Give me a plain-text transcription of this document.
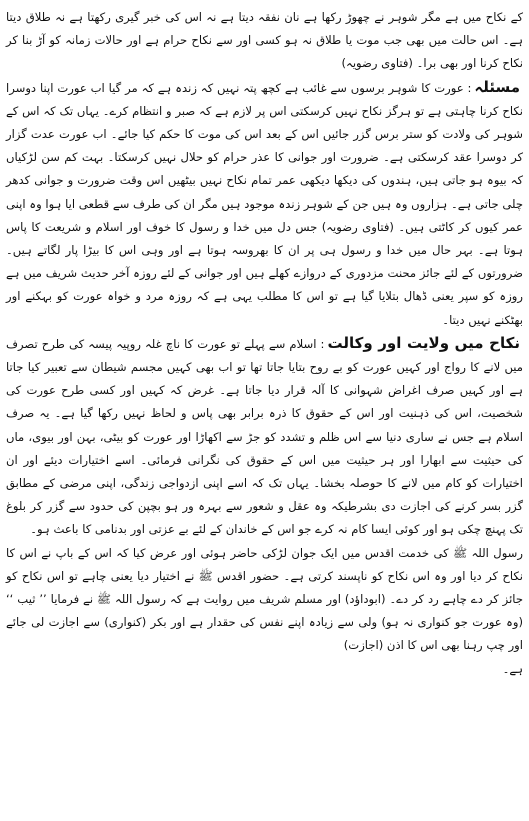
کے نکاح میں ہے مگر شوہر نے چھوڑ رکھا ہے نان نفقہ دیتا ہے نہ اس کی خبر گیری رکھتا ہے نہ طلاق دیتا ہے۔ اس حالت میں بھی جب موت یا طلاق نہ ہو کسی اور سے نکاح حرام ہے اور حالات زمانہ کو آڑ بنا کر نکاح کرنا اور بھی برا۔ (فتاوی رضویہ)

مسئلہ: عورت کا شوہر برسوں سے غائب ہے کچھ پتہ نہیں کہ زندہ ہے کہ مر گیا اب عورت اپنا دوسرا نکاح کرنا چاہتی ہے تو ہرگز نکاح نہیں کرسکتی اس پر لازم ہے کہ صبر و انتظام کرے۔ یہاں تک کہ اس کے شوہر کی ولادت کو ستر برس گزر جائیں اس کے بعد اس کی موت کا حکم کیا جائے۔ اب عورت عدت گزار کر دوسرا عقد کرسکتی ہے۔ ضرورت اور جوانی کا عذر حرام کو حلال نہیں کرسکتا۔ بہت کم سن لڑکیاں کہ بیوہ ہو جاتی ہیں، ہندوں کی دیکھا دیکھی عمر تمام نکاح نہیں بیٹھیں اس وقت ضرورت و جوانی کدھر چلی جاتی ہے۔ ہزاروں وہ ہیں جن کے شوہر زندہ موجود ہیں مگر ان کی طرف سے قطعی ایا ہوا وہ اپنی عمر کیوں کر کاٹتی ہیں۔ (فتاوی رضویہ) جس دل میں خدا و رسول کا خوف اور اسلام و شریعت کا پاس ہوتا ہے۔ بہر حال میں خدا و رسول ہی پر ان کا بھروسہ ہوتا ہے اور وہی اس کا بیڑا پار لگاتے ہیں۔ ضرورتوں کے لئے جائز محنت مزدوری کے دروازے کھلے ہیں اور جوانی کے لئے روزہ آخر حدیث شریف میں ہے روزہ کو سپر یعنی ڈھال بتلایا گیا ہے تو اس کا مطلب یہی ہے کہ روزہ مرد و خواہ عورت کو بہکنے اور بھٹکنے نہیں دیتا۔

نکاح میں ولایت اور وکالت: اسلام سے پہلے تو عورت کا ناچ غلہ روپیہ پیسہ کی طرح تصرف میں لانے کا رواج اور کہیں عورت کو بے روح بتایا جاتا تھا تو اب بھی کہیں مجسم شیطان سے تعبیر کیا جاتا ہے اور کہیں صرف اغراض شہوانی کا آلہ قرار دیا جاتا ہے۔ غرض کہ کہیں اور کسی طرح عورت کی شخصیت، اس کی ذہنیت اور اس کے حقوق کا ذرہ برابر بھی پاس و لحاظ نہیں رکھا گیا ہے۔ یہ صرف اسلام ہے جس نے ساری دنیا سے اس ظلم و تشدد کو جڑ سے اکھاڑا اور عورت کو بیٹی، بہن اور بیوی، ماں کی حیثیت سے ابھارا اور ہر حیثیت میں اس کے حقوق کی نگرانی فرمائی۔ اسے اختیارات دیئے اور ان اختیارات کو کام میں لانے کا حوصلہ بخشا۔ یہاں تک کہ اسے اپنی ازدواجی زندگی، اپنی مرضی کے مطابق گزر بسر کرنے کی اجازت دی بشرطیکہ وہ عقل و شعور سے بہرہ ور ہو بچپن کی حدود سے گزر کر بلوغ تک پہنچ چکی ہو اور کوئی ایسا کام نہ کرے جو اس کے خاندان کے لئے بے عزتی اور بدنامی کا باعث ہو۔

رسول اللہ ﷺ کی خدمت اقدس میں ایک جوان لڑکی حاضر ہوئی اور عرض کیا کہ اس کے باپ نے اس کا نکاح کر دیا اور وہ اس نکاح کو ناپسند کرتی ہے۔ حضور اقدس ﷺ نے اختیار دیا یعنی چاہے تو اس نکاح کو جائز کر دے چاہے رد کر دے۔ (ابوداؤد) اور مسلم شریف میں روایت ہے کہ رسول اللہ ﷺ نے فرمایا ’’ ثیب ‘‘ (وہ عورت جو کنواری نہ ہو) ولی سے زیادہ اپنے نفس کی حقدار ہے اور بکر (کنواری) سے اجازت لی جائے اور چپ رہنا بھی اس کا اذن (اجازت)
ہے۔
